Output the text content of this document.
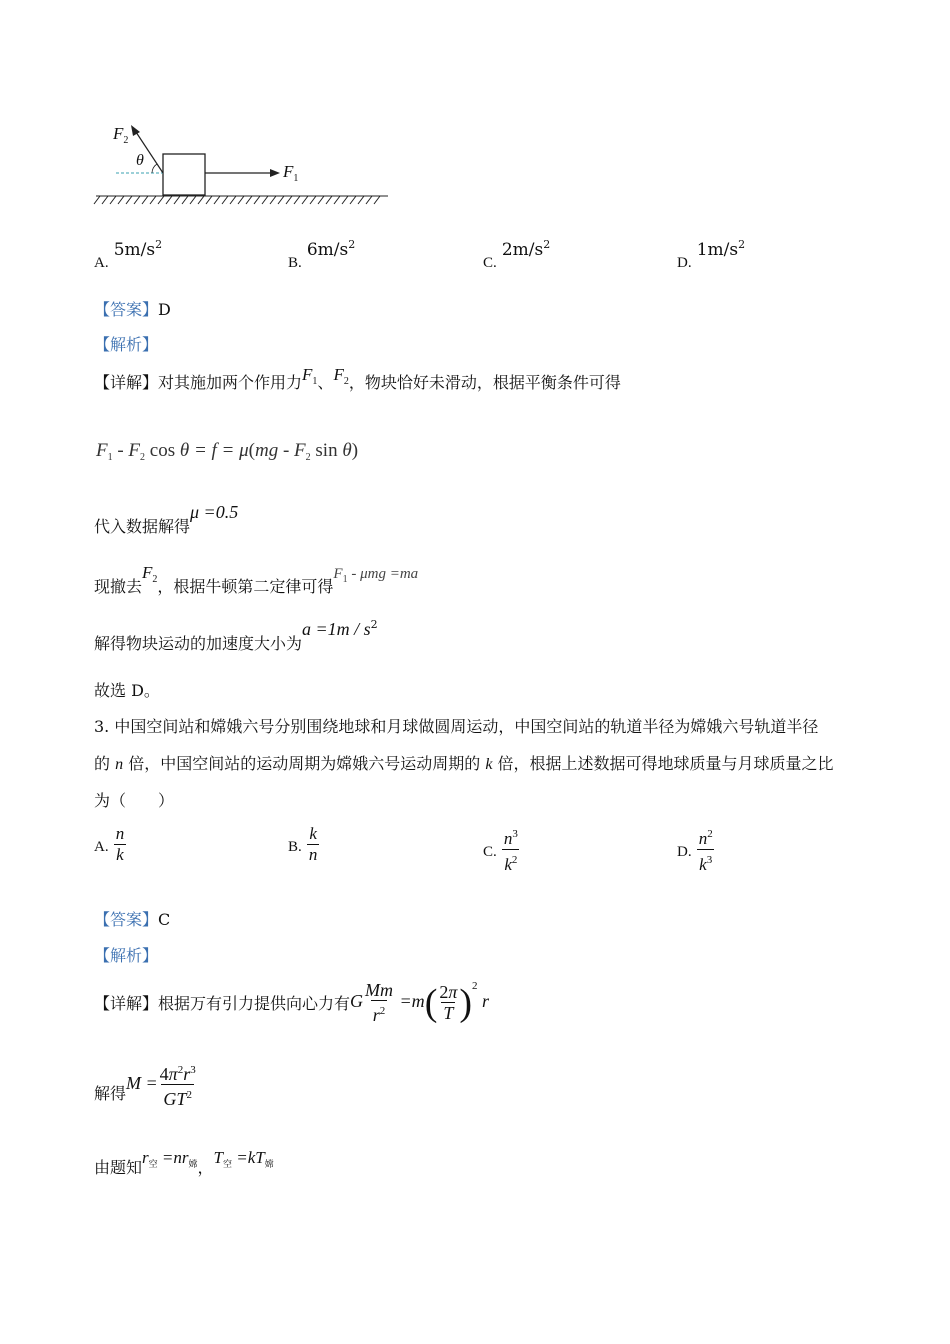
$F_2$
θ
$F_1$
A. $5m/s^2$
B. $6m/s^2$
C. $2m/s^2$
D. $1m/s^2$
【答案】D
【解析】
【详解】对其施加两个作用力$F_1$、$F_2$，物块恰好未滑动，根据平衡条件可得
$F_1 - F_2$ $\cos \theta = f = \mu(mg - F_2$ sin θ)
代入数据解得μ =0.5
现撤去$F_2$，根据牛顿第二定律可得$F_1 - \mu mg =ma$
解得物块运动的加速度大小为$a =1m / s^2$
故选 D。
3. 中国空间站和嫦娥六号分别围绕地球和月球做圆周运动，中国空间站的轨道半径为嫦娥六号轨道半径
的 n 倍，中国空间站的运动周期为嫦娥六号运动周期的 k 倍，根据上述数据可得地球质量与月球质量之比
为（　　）
A. $\frac{n}{k}$	B. $\frac{k}{n}$	C. $\frac{n^3}{k^2}$	D. $\frac{n^2}{k^3}$
【答案】C
【解析】
【详解】根据万有引力提供向心力有G $\frac{Mm}{r^2} =m( \frac{2\pi}{T} )^2$ r
解得$M = \frac{4\pi^2r^3}{GT^2}$
由题知$r_空 =nr_嫦$，$T_空 =kT_嫦$
